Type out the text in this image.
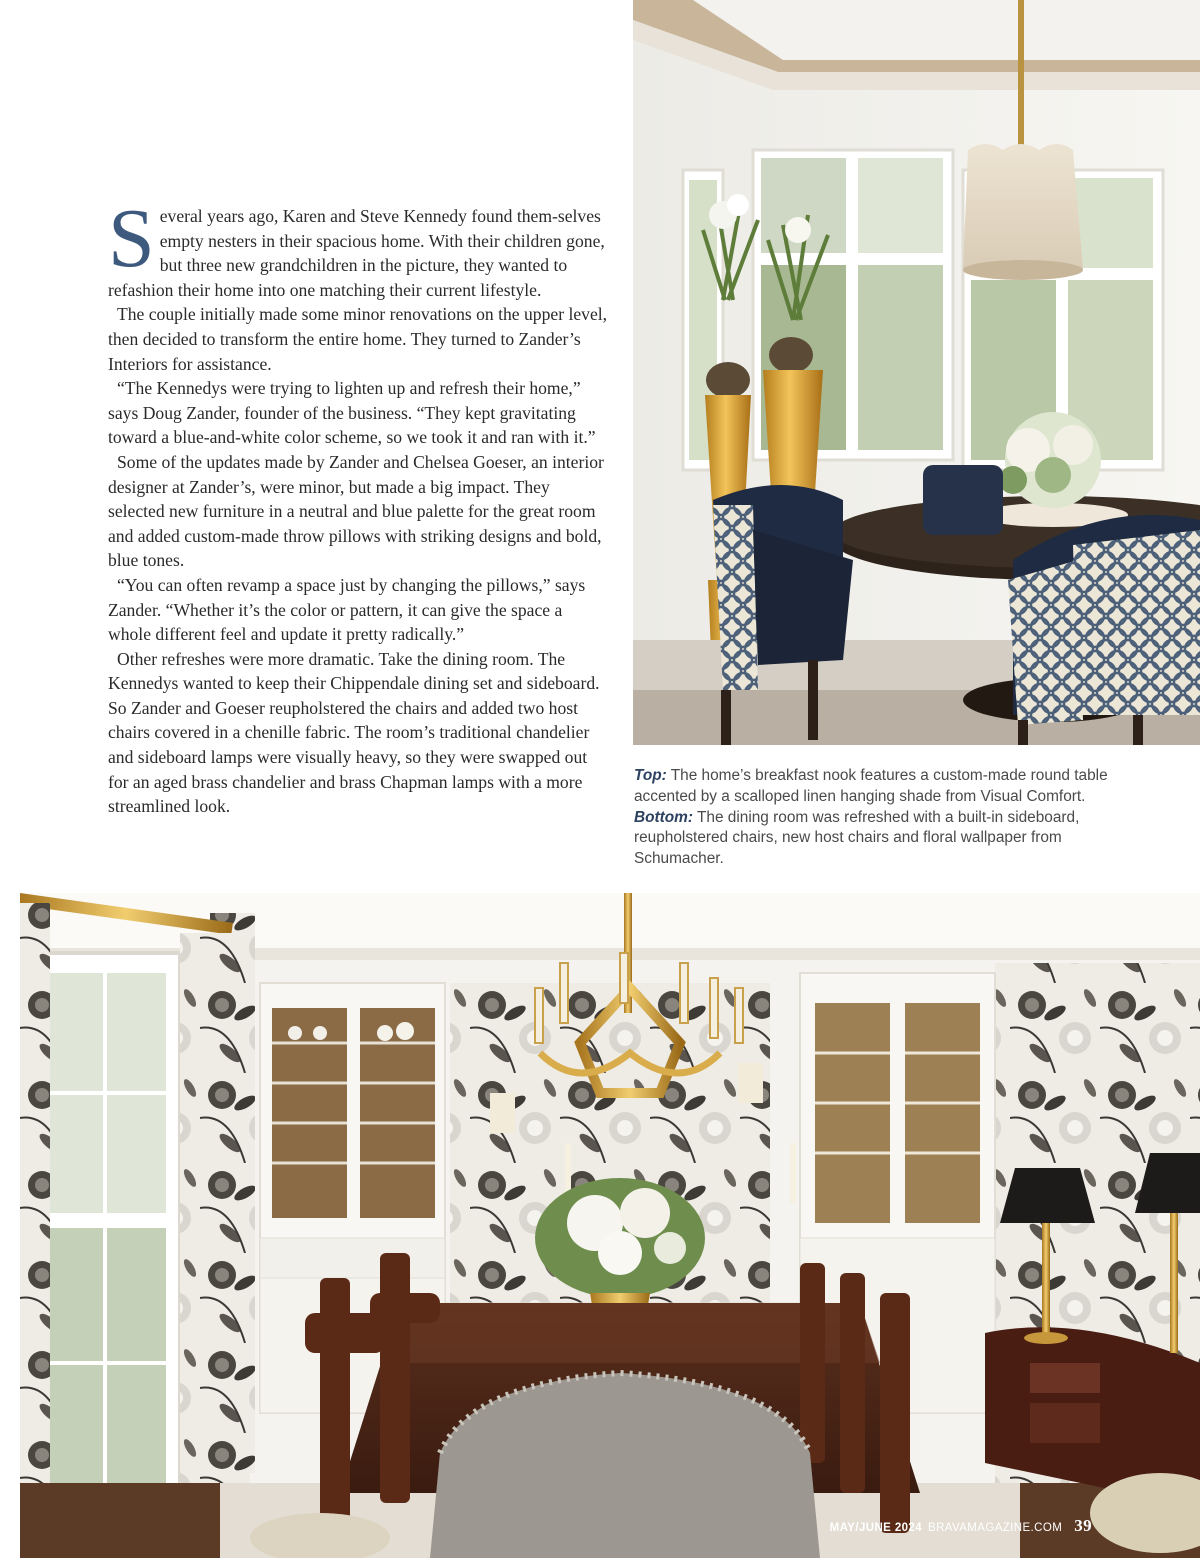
Several years ago, Karen and Steve Kennedy found them-selves empty nesters in their spacious home. With their children gone, but three new grandchildren in the picture, they wanted to refashion their home into one matching their current lifestyle.

The couple initially made some minor renovations on the upper level, then decided to transform the entire home. They turned to Zander’s Interiors for assistance.

“The Kennedys were trying to lighten up and refresh their home,” says Doug Zander, founder of the business. “They kept gravitating toward a blue-and-white color scheme, so we took it and ran with it.”

Some of the updates made by Zander and Chelsea Goeser, an interior designer at Zander’s, were minor, but made a big impact. They selected new furniture in a neutral and blue palette for the great room and added custom-made throw pillows with striking designs and bold, blue tones.

“You can often revamp a space just by changing the pillows,” says Zander. “Whether it’s the color or pattern, it can give the space a whole different feel and update it pretty radically.”

Other refreshes were more dramatic. Take the dining room. The Kennedys wanted to keep their Chippendale dining set and sideboard. So Zander and Goeser reupholstered the chairs and added two host chairs covered in a chenille fabric. The room’s traditional chandelier and sideboard lamps were visually heavy, so they were swapped out for an aged brass chandelier and brass Chapman lamps with a more streamlined look.

Top: The home’s breakfast nook features a custom-made round table accented by a scalloped linen hanging shade from Visual Comfort. Bottom: The dining room was refreshed with a built-in sideboard, reupholstered chairs, new host chairs and floral wallpaper from Schumacher.
MAY/JUNE 2024 BRAVAMAGAZINE.COM 39
